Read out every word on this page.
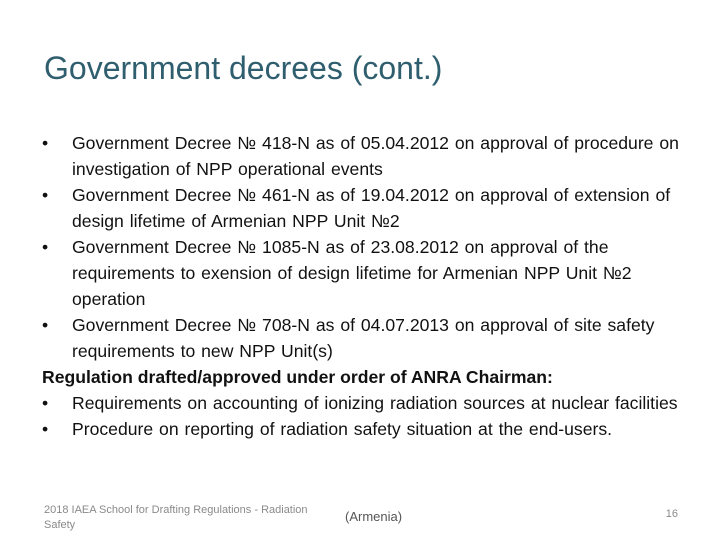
Government decrees (cont.)
•	Government Decree № 418-N as of 05.04.2012 on approval of procedure on investigation of NPP operational events
•	Government Decree № 461-N as of 19.04.2012 on approval of extension of design lifetime of Armenian NPP Unit №2
•	Government Decree № 1085-N as of 23.08.2012 on approval of the requirements to exension of design lifetime for Armenian NPP Unit №2 operation
•	Government Decree № 708-N as of 04.07.2013 on approval of site safety requirements to new NPP Unit(s)
Regulation drafted/approved under order of ANRA Chairman:
•	Requirements on accounting of ionizing radiation sources at nuclear facilities
•	Procedure on reporting of radiation safety situation at the end-users.
2018 IAEA School for Drafting Regulations - Radiation Safety
(Armenia)	16
